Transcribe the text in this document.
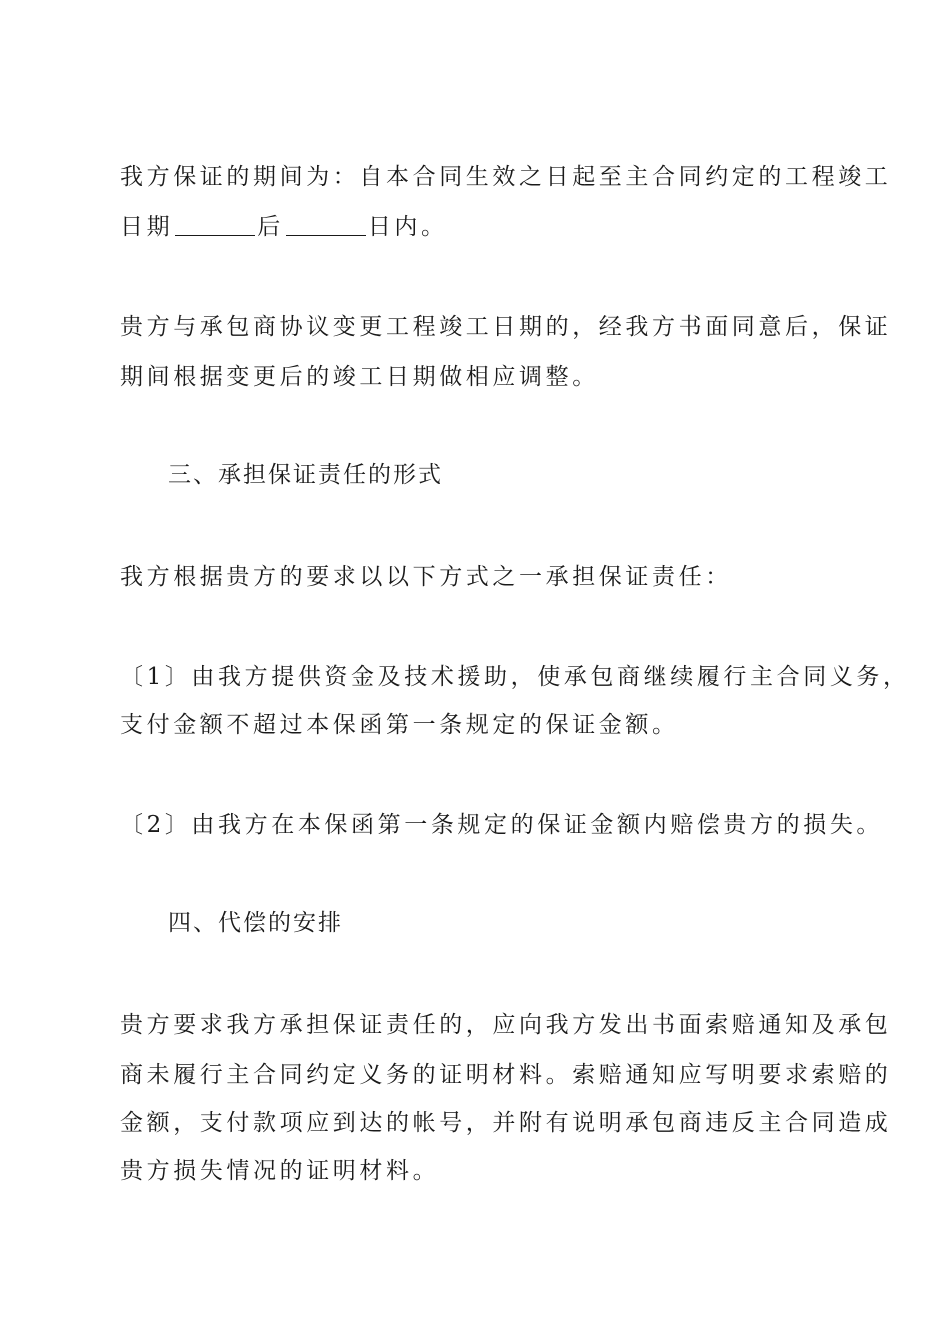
我方保证的期间为：自本合同生效之日起至主合同约定的工程竣工
日期	后	日内。
贵方与承包商协议变更工程竣工日期的，经我方书面同意后，保证
期间根据变更后的竣工日期做相应调整。
三、承担保证责任的形式
我方根据贵方的要求以以下方式之一承担保证责任：
〔1〕由我方提供资金及技术援助，使承包商继续履行主合同义务，
支付金额不超过本保函第一条规定的保证金额。
〔2〕由我方在本保函第一条规定的保证金额内赔偿贵方的损失。
四、代偿的安排
贵方要求我方承担保证责任的，应向我方发出书面索赔通知及承包
商未履行主合同约定义务的证明材料。索赔通知应写明要求索赔的
金额，支付款项应到达的帐号，并附有说明承包商违反主合同造成
贵方损失情况的证明材料。
